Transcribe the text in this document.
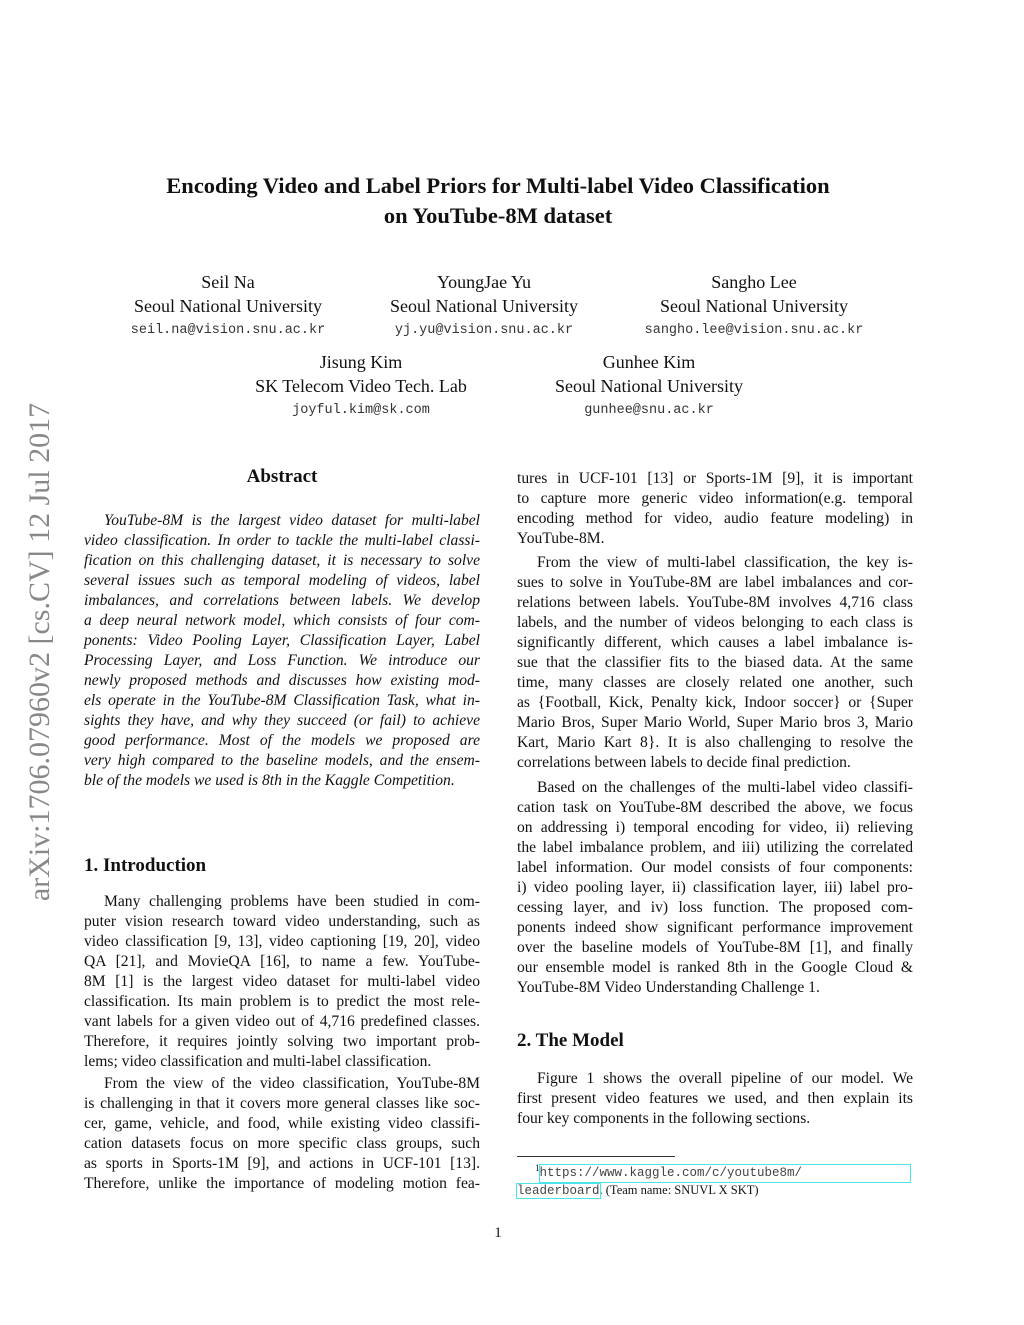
arXiv:1706.07960v2 [cs.CV] 12 Jul 2017
Encoding Video and Label Priors for Multi-label Video Classification
on YouTube-8M dataset
Seil Na
Seoul National University
seil.na@vision.snu.ac.kr
YoungJae Yu
Seoul National University
yj.yu@vision.snu.ac.kr
Sangho Lee
Seoul National University
sangho.lee@vision.snu.ac.kr
Jisung Kim
SK Telecom Video Tech. Lab
joyful.kim@sk.com
Gunhee Kim
Seoul National University
gunhee@snu.ac.kr
Abstract
YouTube-8M is the largest video dataset for multi-label
video classification. In order to tackle the multi-label classi-
fication on this challenging dataset, it is necessary to solve
several issues such as temporal modeling of videos, label
imbalances, and correlations between labels. We develop
a deep neural network model, which consists of four com-
ponents: Video Pooling Layer, Classification Layer, Label
Processing Layer, and Loss Function. We introduce our
newly proposed methods and discusses how existing mod-
els operate in the YouTube-8M Classification Task, what in-
sights they have, and why they succeed (or fail) to achieve
good performance. Most of the models we proposed are
very high compared to the baseline models, and the ensem-
ble of the models we used is 8th in the Kaggle Competition.
1. Introduction
Many challenging problems have been studied in com-
puter vision research toward video understanding, such as
video classification [9, 13], video captioning [19, 20], video
QA [21], and MovieQA [16], to name a few. YouTube-
8M [1] is the largest video dataset for multi-label video
classification. Its main problem is to predict the most rele-
vant labels for a given video out of 4,716 predefined classes.
Therefore, it requires jointly solving two important prob-
lems; video classification and multi-label classification.
From the view of the video classification, YouTube-8M
is challenging in that it covers more general classes like soc-
cer, game, vehicle, and food, while existing video classifi-
cation datasets focus on more specific class groups, such
as sports in Sports-1M [9], and actions in UCF-101 [13].
Therefore, unlike the importance of modeling motion fea-
tures in UCF-101 [13] or Sports-1M [9], it is important
to capture more generic video information(e.g. temporal
encoding method for video, audio feature modeling) in
YouTube-8M.
From the view of multi-label classification, the key is-
sues to solve in YouTube-8M are label imbalances and cor-
relations between labels. YouTube-8M involves 4,716 class
labels, and the number of videos belonging to each class is
significantly different, which causes a label imbalance is-
sue that the classifier fits to the biased data. At the same
time, many classes are closely related one another, such
as {Football, Kick, Penalty kick, Indoor soccer} or {Super
Mario Bros, Super Mario World, Super Mario bros 3, Mario
Kart, Mario Kart 8}. It is also challenging to resolve the
correlations between labels to decide final prediction.
Based on the challenges of the multi-label video classifi-
cation task on YouTube-8M described the above, we focus
on addressing i) temporal encoding for video, ii) relieving
the label imbalance problem, and iii) utilizing the correlated
label information. Our model consists of four components:
i) video pooling layer, ii) classification layer, iii) label pro-
cessing layer, and iv) loss function. The proposed com-
ponents indeed show significant performance improvement
over the baseline models of YouTube-8M [1], and finally
our ensemble model is ranked 8th in the Google Cloud &
YouTube-8M Video Understanding Challenge 1.
2. The Model
Figure 1 shows the overall pipeline of our model. We
first present video features we used, and then explain its
four key components in the following sections.
$^1$https://www.kaggle.com/c/youtube8m/
leaderboard. (Team name: SNUVL X SKT)
1
